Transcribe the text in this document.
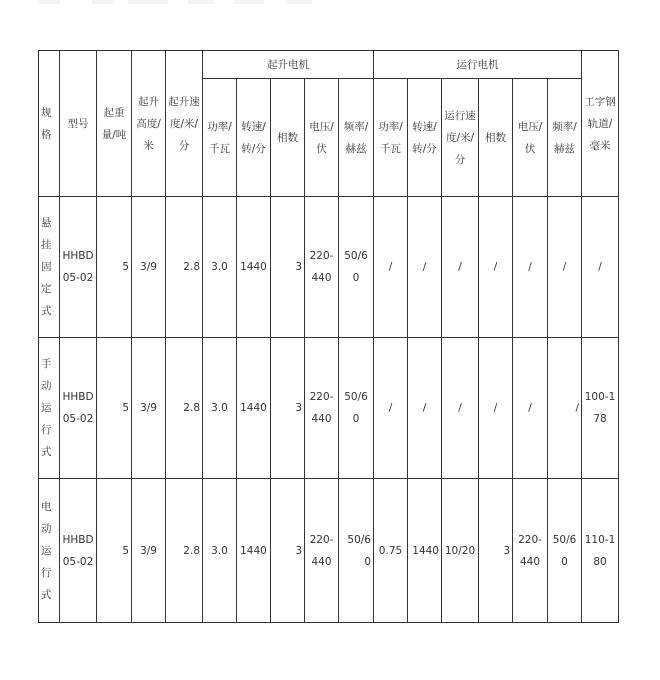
规格	型号	起重量/吨	起升高度/米	起升速度/米/分	起升电机					运行电机						工字钢轨道/毫米
					功率/千瓦	转速/转/分	相数	电压/伏	频率/赫兹	功率/千瓦	转速/转/分	运行速度/米/分	相数	电压/伏	频率/赫兹	
悬挂固定式	HHBD05-02	5	3/9	2.8	3.0	1440	3	220-440	50/60	/	/	/	/	/	/	/
手动运行式	HHBD05-02	5	3/9	2.8	3.0	1440	3	220-440	50/60	/	/	/	/	/	/	100-178
电动运行式	HHBD05-02	5	3/9	2.8	3.0	1440	3	220-440	50/60	0.75	1440	10/20	3	220-440	50/60	110-180
